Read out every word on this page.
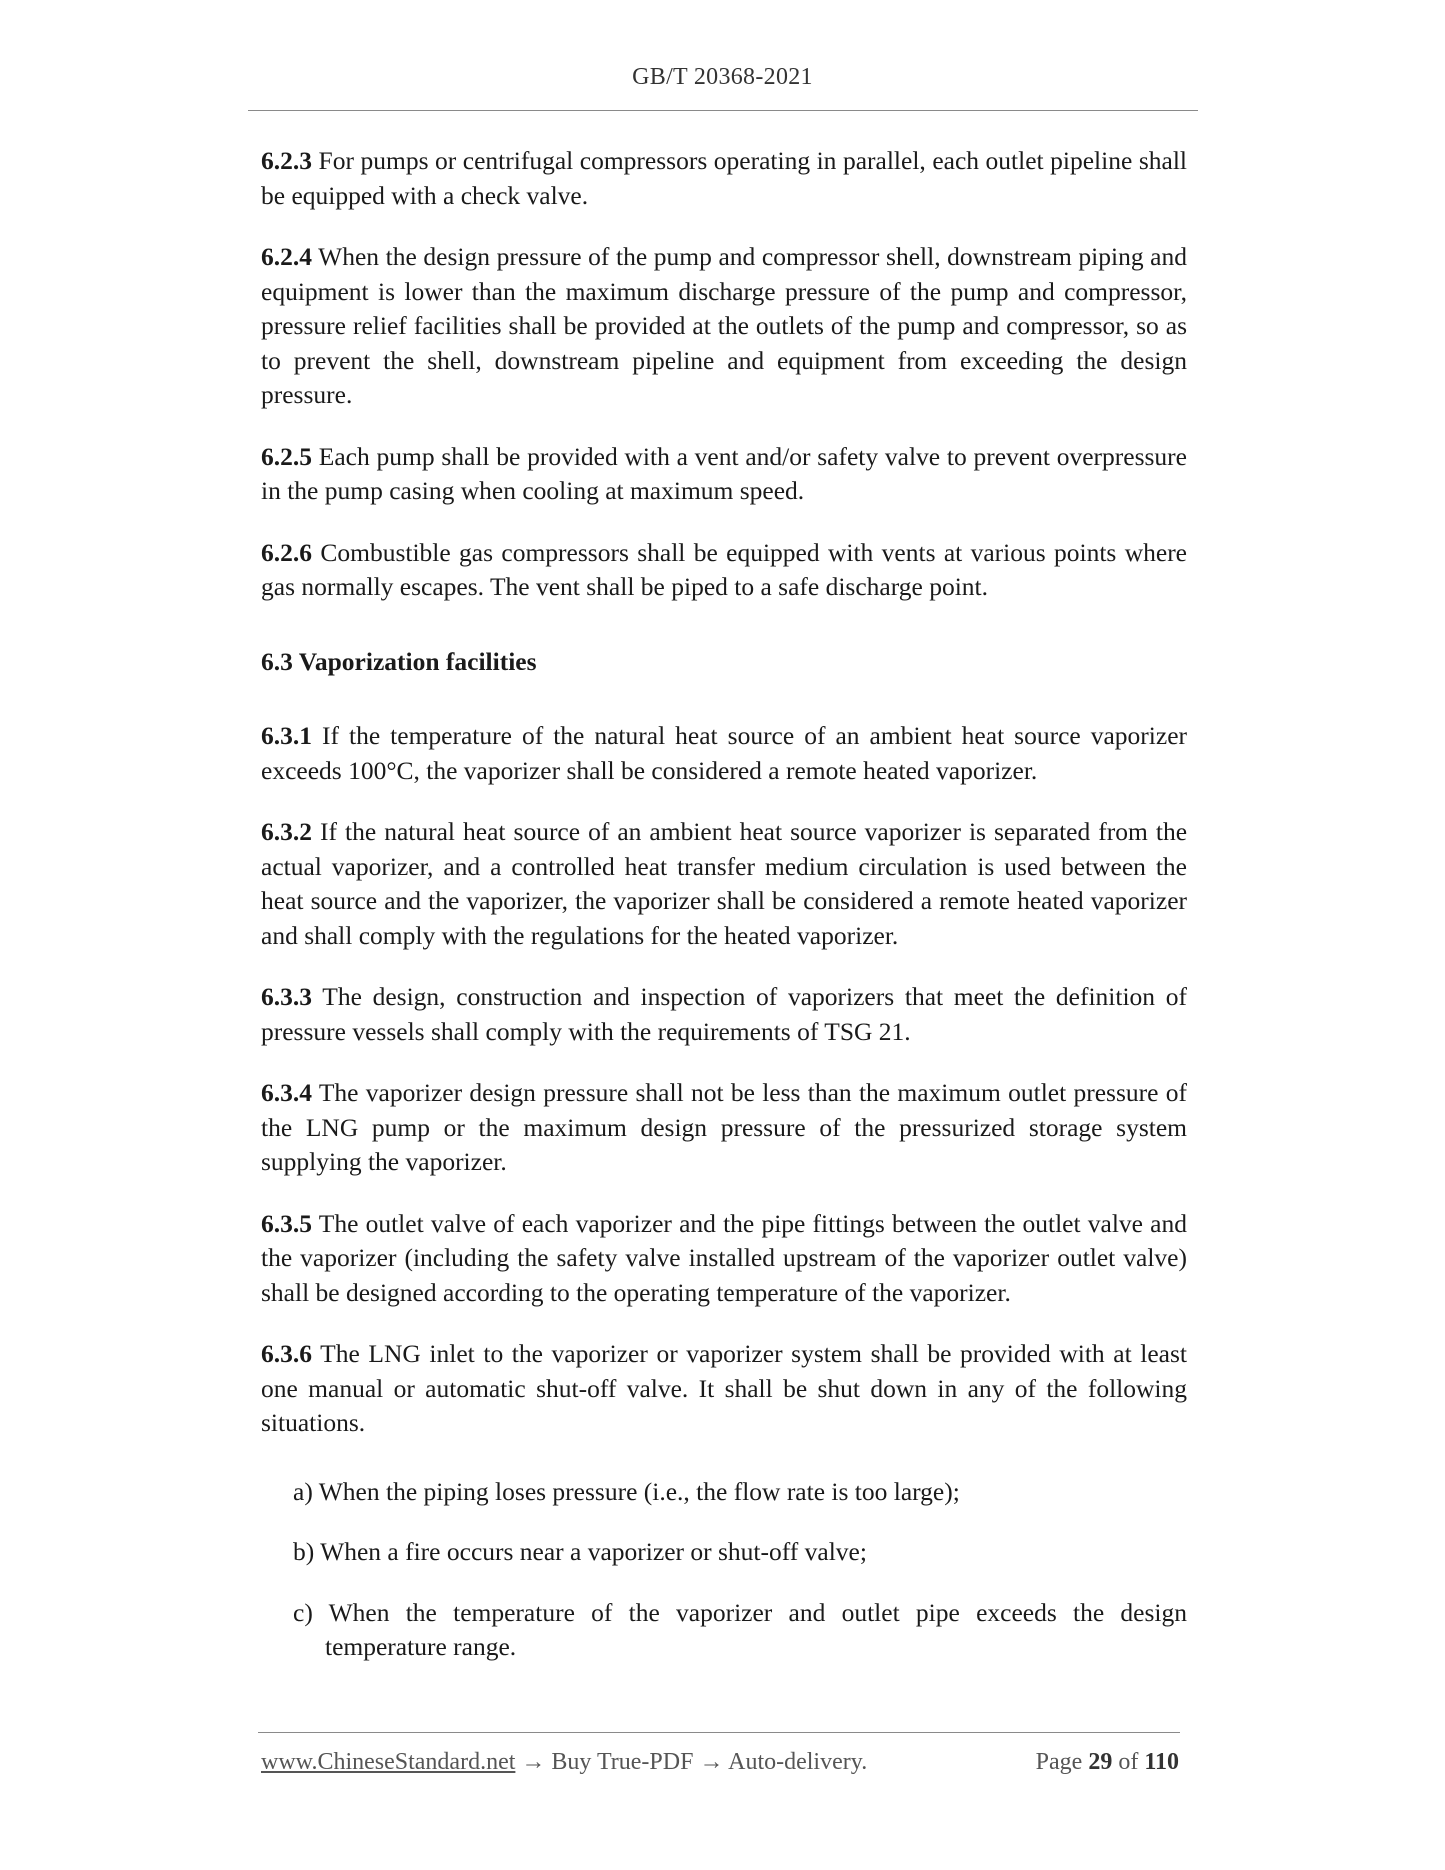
GB/T 20368-2021

6.2.3 For pumps or centrifugal compressors operating in parallel, each outlet pipeline shall be equipped with a check valve.

6.2.4 When the design pressure of the pump and compressor shell, downstream piping and equipment is lower than the maximum discharge pressure of the pump and compressor, pressure relief facilities shall be provided at the outlets of the pump and compressor, so as to prevent the shell, downstream pipeline and equipment from exceeding the design pressure.

6.2.5 Each pump shall be provided with a vent and/or safety valve to prevent overpressure in the pump casing when cooling at maximum speed.

6.2.6 Combustible gas compressors shall be equipped with vents at various points where gas normally escapes. The vent shall be piped to a safe discharge point.

6.3 Vaporization facilities

6.3.1 If the temperature of the natural heat source of an ambient heat source vaporizer exceeds 100°C, the vaporizer shall be considered a remote heated vaporizer.

6.3.2 If the natural heat source of an ambient heat source vaporizer is separated from the actual vaporizer, and a controlled heat transfer medium circulation is used between the heat source and the vaporizer, the vaporizer shall be considered a remote heated vaporizer and shall comply with the regulations for the heated vaporizer.

6.3.3 The design, construction and inspection of vaporizers that meet the definition of pressure vessels shall comply with the requirements of TSG 21.

6.3.4 The vaporizer design pressure shall not be less than the maximum outlet pressure of the LNG pump or the maximum design pressure of the pressurized storage system supplying the vaporizer.

6.3.5 The outlet valve of each vaporizer and the pipe fittings between the outlet valve and the vaporizer (including the safety valve installed upstream of the vaporizer outlet valve) shall be designed according to the operating temperature of the vaporizer.

6.3.6 The LNG inlet to the vaporizer or vaporizer system shall be provided with at least one manual or automatic shut-off valve. It shall be shut down in any of the following situations.

a) When the piping loses pressure (i.e., the flow rate is too large);
b) When a fire occurs near a vaporizer or shut-off valve;
c) When the temperature of the vaporizer and outlet pipe exceeds the design temperature range.
www.ChineseStandard.net → Buy True-PDF → Auto-delivery.	Page 29 of 110
